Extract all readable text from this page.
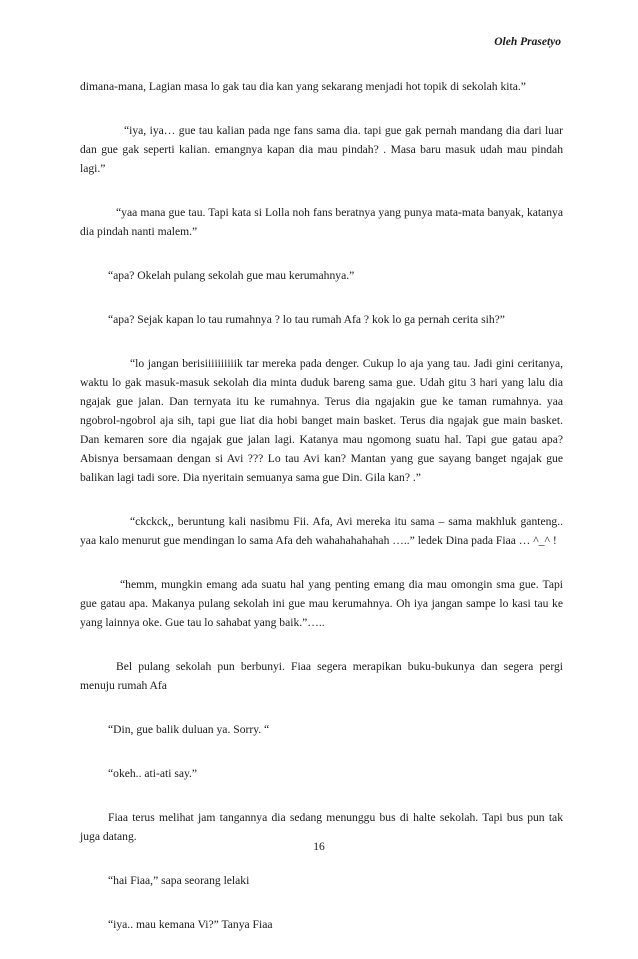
Oleh Prasetyo

dimana-mana, Lagian masa lo gak tau dia kan yang sekarang menjadi hot topik di sekolah kita.”

“iya, iya… gue tau kalian pada nge fans sama dia. tapi gue gak pernah mandang dia dari luar dan gue gak seperti kalian. emangnya kapan dia mau pindah? . Masa baru masuk udah mau pindah lagi.”

“yaa mana gue tau. Tapi kata si Lolla noh fans beratnya yang punya mata-mata banyak, katanya dia pindah nanti malem.”

“apa? Okelah pulang sekolah gue mau kerumahnya.”

“apa? Sejak kapan lo tau rumahnya ? lo tau rumah Afa ? kok lo ga pernah cerita sih?”

“lo jangan berisiiiiiiiiiik tar mereka pada denger. Cukup lo aja yang tau. Jadi gini ceritanya, waktu lo gak masuk-masuk sekolah dia minta duduk bareng sama gue. Udah gitu 3 hari yang lalu dia ngajak gue jalan. Dan ternyata itu ke rumahnya. Terus dia ngajakin gue ke taman rumahnya. yaa ngobrol-ngobrol aja sih, tapi gue liat dia hobi banget main basket. Terus dia ngajak gue main basket. Dan kemaren sore dia ngajak gue jalan lagi. Katanya mau ngomong suatu hal. Tapi gue gatau apa? Abisnya bersamaan dengan si Avi ??? Lo tau Avi kan? Mantan yang gue sayang banget ngajak gue balikan lagi tadi sore. Dia nyeritain semuanya sama gue Din. Gila kan? .”

“ckckck,, beruntung kali nasibmu Fii. Afa, Avi mereka itu sama – sama makhluk ganteng.. yaa kalo menurut gue mendingan lo sama Afa deh wahahahahahah …..” ledek Dina pada Fiaa … ^_^ !

“hemm, mungkin emang ada suatu hal yang penting emang dia mau omongin sma gue. Tapi gue gatau apa. Makanya pulang sekolah ini gue mau kerumahnya. Oh iya jangan sampe lo kasi tau ke yang lainnya oke. Gue tau lo sahabat yang baik.”…..

Bel pulang sekolah pun berbunyi. Fiaa segera merapikan buku-bukunya dan segera pergi menuju rumah Afa

“Din, gue balik duluan ya. Sorry. “

“okeh.. ati-ati say.”

Fiaa terus melihat jam tangannya dia sedang menunggu bus di halte sekolah. Tapi bus pun tak juga datang.

“hai Fiaa,” sapa seorang lelaki

“iya.. mau kemana Vi?” Tanya Fiaa

16
